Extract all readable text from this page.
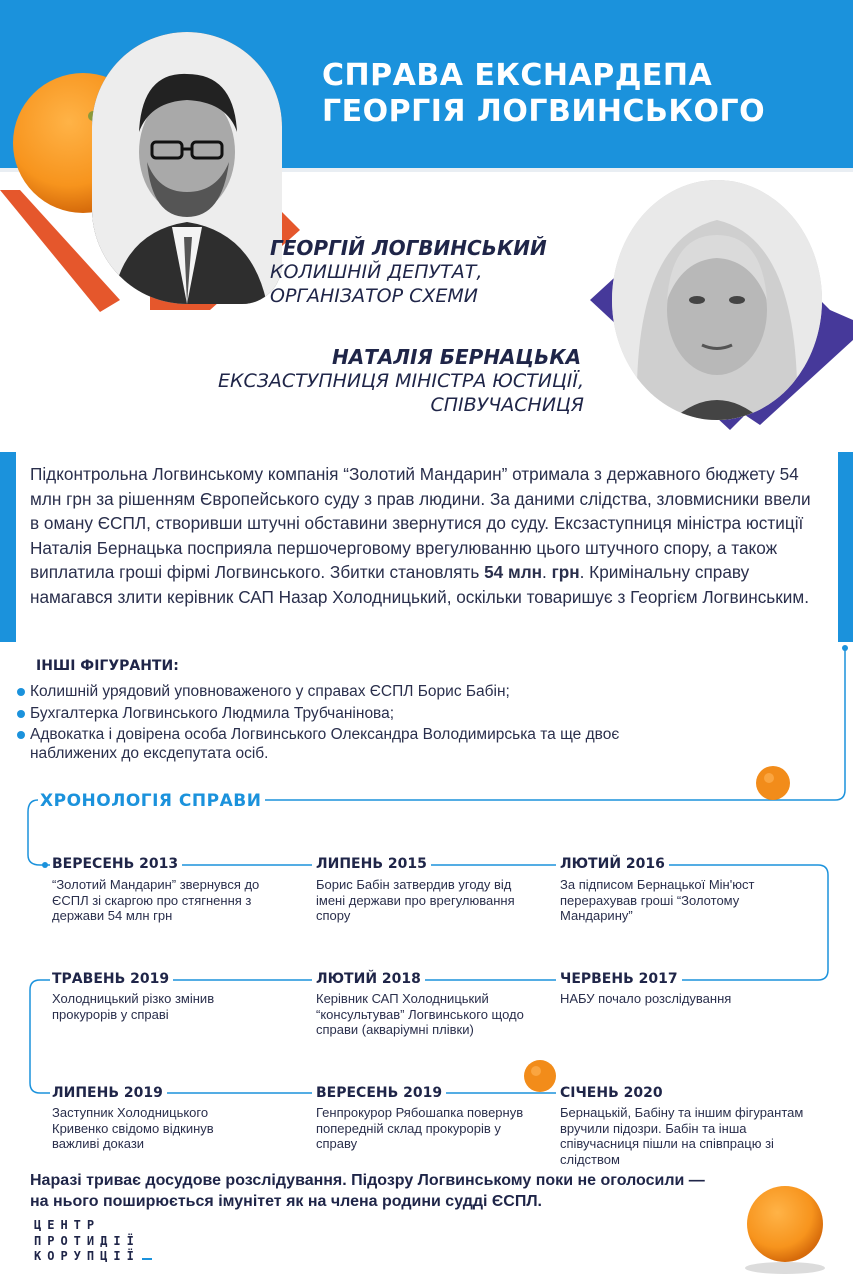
СПРАВА ЕКСНАРДЕПА
ГЕОРГІЯ ЛОГВИНСЬКОГО
ГЕОРГІЙ ЛОГВИНСЬКИЙ
КОЛИШНІЙ ДЕПУТАТ,
ОРГАНІЗАТОР СХЕМИ
НАТАЛІЯ БЕРНАЦЬКА
ЕКСЗАСТУПНИЦЯ МІНІСТРА ЮСТИЦІЇ,
СПІВУЧАСНИЦЯ
Підконтрольна Логвинському компанія “Золотий Мандарин” отримала з державного бюджету 54 млн грн за рішенням Європейського суду з прав людини. За даними слідства, зловмисники ввели в оману ЄСПЛ, створивши штучні обставини звернутися до суду. Ексзаступниця міністра юстиції Наталія Бернацька посприяла першочерговому врегулюванню цього штучного спору, а також виплатила гроші фірмі Логвинського. Збитки становлять 54 млн. грн. Кримінальну справу намагався злити керівник САП Назар Холодницький, оскільки товаришує з Георгієм Логвинським.
ІНШІ ФІГУРАНТИ:
Колишній урядовий уповноваженого у справах ЄСПЛ Борис Бабін;
Бухгалтерка Логвинського Людмила Трубчанінова;
Адвокатка і довірена особа Логвинського Олександра Володимирська та ще двоє наближених до ексдепутата осіб.
ХРОНОЛОГІЯ СПРАВИ
ВЕРЕСЕНЬ 2013
“Золотий Мандарин” звернувся до ЄСПЛ зі скаргою про стягнення з держави 54 млн грн
ЛИПЕНЬ 2015
Борис Бабін затвердив угоду від імені держави про врегулювання спору
ЛЮТИЙ 2016
За підписом Бернацької Мін'юст перерахував гроші “Золотому Мандарину”
ТРАВЕНЬ 2019
Холодницький різко змінив прокурорів у справі
ЛЮТИЙ 2018
Керівник САП Холодницький “консультував” Логвинського щодо справи (акваріумні плівки)
ЧЕРВЕНЬ 2017
НАБУ почало розслідування
ЛИПЕНЬ 2019
Заступник Холодницького Кривенко свідомо відкинув важливі докази
ВЕРЕСЕНЬ 2019
Генпрокурор Рябошапка повернув попередній склад прокурорів у справу
СІЧЕНЬ 2020
Бернацькій, Бабіну та іншим фігурантам вручили підозри. Бабін та інша співучасниця пішли на співпрацю зі слідством
Наразі триває досудове розслідування. Підозру Логвинському поки не оголосили —
на нього поширюється імунітет як на члена родини судді ЄСПЛ.
ЦЕНТР
ПРОТИДІЇ
КОРУПЦІЇ
